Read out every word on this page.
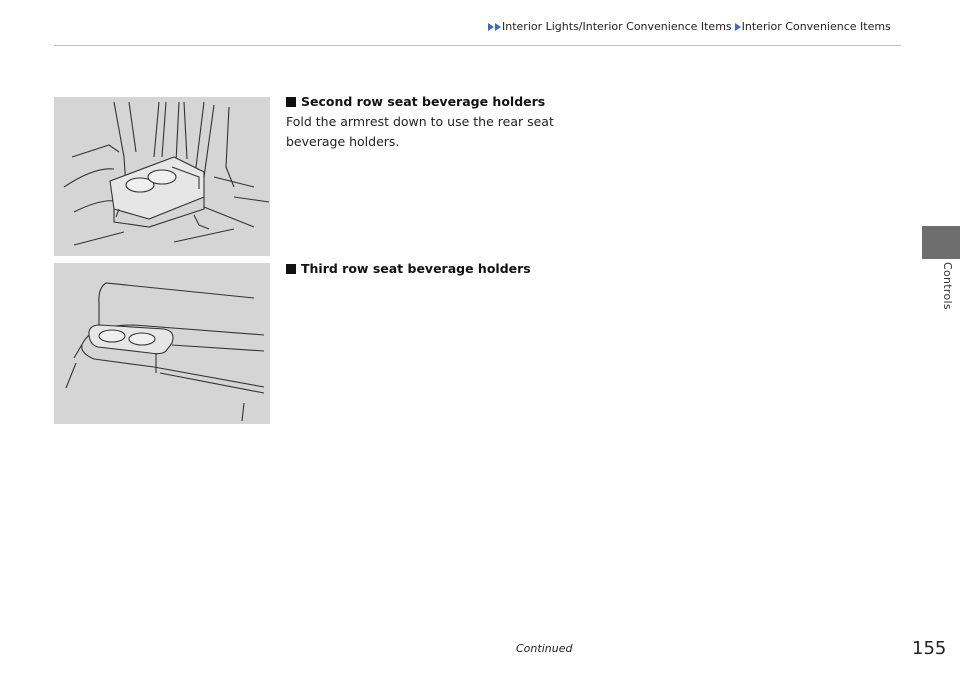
Interior Lights/Interior Convenience Items Interior Convenience Items
Controls
Second row seat beverage holders
Fold the armrest down to use the rear seat beverage holders.
Third row seat beverage holders
Continued	155
